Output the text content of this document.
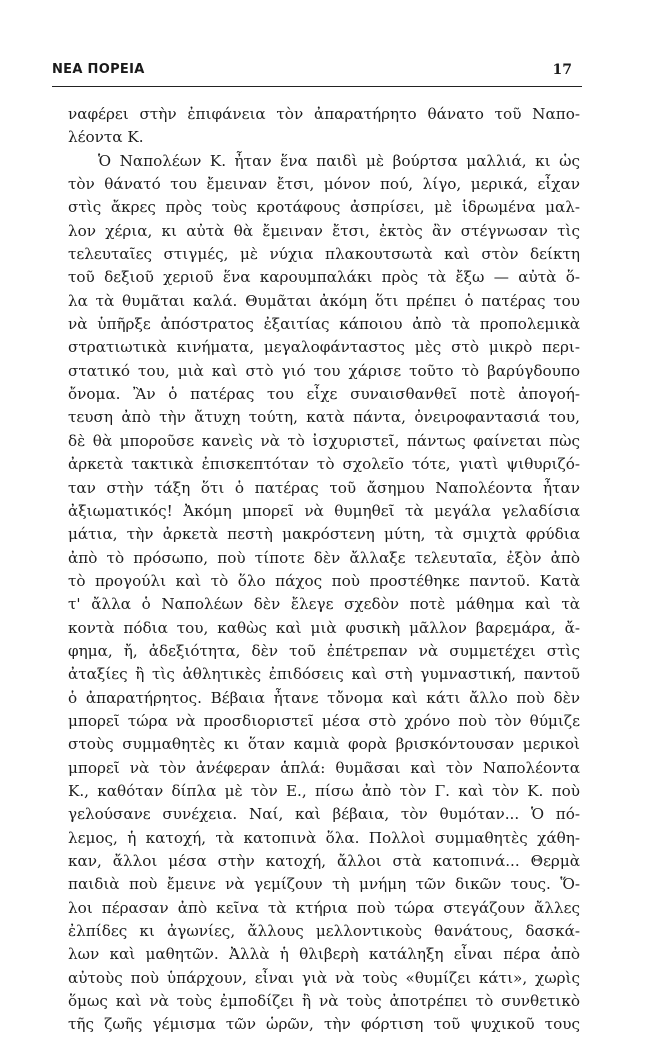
ΝΕΑ ΠΟΡΕΙΑ	17
ναφέρει στὴν ἐπιφάνεια τὸν ἀπαρατήρητο θάνατο τοῦ Ναπο-
λέοντα Κ.
Ὁ Ναπολέων Κ. ἦταν ἕνα παιδὶ μὲ βούρτσα μαλλιά, κι ὡς
τὸν θάνατό του ἔμειναν ἔτσι, μόνον πού, λίγο, μερικά, εἶχαν
στὶς ἄκρες πρὸς τοὺς κροτάφους ἀσπρίσει, μὲ ἱδρωμένα μαλ-
λον χέρια, κι αὐτὰ θὰ ἔμειναν ἔτσι, ἐκτὸς ἂν στέγνωσαν τὶς
τελευταῖες στιγμές, μὲ νύχια πλακουτσωτὰ καὶ στὸν δείκτη
τοῦ δεξιοῦ χεριοῦ ἕνα καρουμπαλάκι πρὸς τὰ ἔξω — αὐτὰ ὅ-
λα τὰ θυμᾶται καλά. Θυμᾶται ἀκόμη ὅτι πρέπει ὁ πατέρας του
νὰ ὑπῆρξε ἀπόστρατος ἐξαιτίας κάποιου ἀπὸ τὰ προπολεμικὰ
στρατιωτικὰ κινήματα, μεγαλοφάνταστος μὲς στὸ μικρὸ περι-
στατικό του, μιὰ καὶ στὸ γιό του χάρισε τοῦτο τὸ βαρύγδουπο
ὄνομα. Ἂν ὁ πατέρας του εἶχε συναισθανθεῖ ποτὲ ἀπογοή-
τευση ἀπὸ τὴν ἄτυχη τούτη, κατὰ πάντα, ὀνειροφαντασιά του,
δὲ θὰ μποροῦσε κανεὶς νὰ τὸ ἰσχυριστεῖ, πάντως φαίνεται πὼς
ἀρκετὰ τακτικὰ ἐπισκεπτόταν τὸ σχολεῖο τότε, γιατὶ ψιθυριζό-
ταν στὴν τάξη ὅτι ὁ πατέρας τοῦ ἄσημου Ναπολέοντα ἦταν
ἀξιωματικός! Ἀκόμη μπορεῖ νὰ θυμηθεῖ τὰ μεγάλα γελαδίσια
μάτια, τὴν ἀρκετὰ πεστὴ μακρόστενη μύτη, τὰ σμιχτὰ φρύδια
ἀπὸ τὸ πρόσωπο, ποὺ τίποτε δὲν ἄλλαξε τελευταῖα, ἐξὸν ἀπὸ
τὸ προγούλι καὶ τὸ ὅλο πάχος ποὺ προστέθηκε παντοῦ. Κατὰ
τ' ἄλλα ὁ Ναπολέων δὲν ἔλεγε σχεδὸν ποτὲ μάθημα καὶ τὰ
κοντὰ πόδια του, καθὼς καὶ μιὰ φυσικὴ μᾶλλον βαρεμάρα, ἄ-
φημα, ἤ, ἀδεξιότητα, δὲν τοῦ ἐπέτρεπαν νὰ συμμετέχει στὶς
ἀταξίες ἢ τὶς ἀθλητικὲς ἐπιδόσεις καὶ στὴ γυμναστική, παντοῦ
ὁ ἀπαρατήρητος. Βέβαια ἦτανε τὄνομα καὶ κάτι ἄλλο ποὺ δὲν
μπορεῖ τώρα νὰ προσδιοριστεῖ μέσα στὸ χρόνο ποὺ τὸν θύμιζε
στοὺς συμμαθητὲς κι ὅταν καμιὰ φορὰ βρισκόντουσαν μερικοὶ
μπορεῖ νὰ τὸν ἀνέφεραν ἁπλά: θυμᾶσαι καὶ τὸν Ναπολέοντα
Κ., καθόταν δίπλα μὲ τὸν Ε., πίσω ἀπὸ τὸν Γ. καὶ τὸν Κ. ποὺ
γελούσανε συνέχεια. Ναί, καὶ βέβαια, τὸν θυμόταν... Ὁ πό-
λεμος, ἡ κατοχή, τὰ κατοπινὰ ὅλα. Πολλοὶ συμμαθητὲς χάθη-
καν, ἄλλοι μέσα στὴν κατοχή, ἄλλοι στὰ κατοπινά... Θερμὰ
παιδιὰ ποὺ ἔμεινε νὰ γεμίζουν τὴ μνήμη τῶν δικῶν τους. Ὅ-
λοι πέρασαν ἀπὸ κεῖνα τὰ κτήρια ποὺ τώρα στεγάζουν ἄλλες
ἐλπίδες κι ἀγωνίες, ἄλλους μελλοντικοὺς θανάτους, δασκά-
λων καὶ μαθητῶν. Ἀλλὰ ἡ θλιβερὴ κατάληξη εἶναι πέρα ἀπὸ
αὐτοὺς ποὺ ὑπάρχουν, εἶναι γιὰ νὰ τοὺς «θυμίζει κάτι», χωρὶς
ὅμως καὶ νὰ τοὺς ἐμποδίζει ἢ νὰ τοὺς ἀποτρέπει τὸ συνθετικὸ
τῆς ζωῆς γέμισμα τῶν ὡρῶν, τὴν φόρτιση τοῦ ψυχικοῦ τους
